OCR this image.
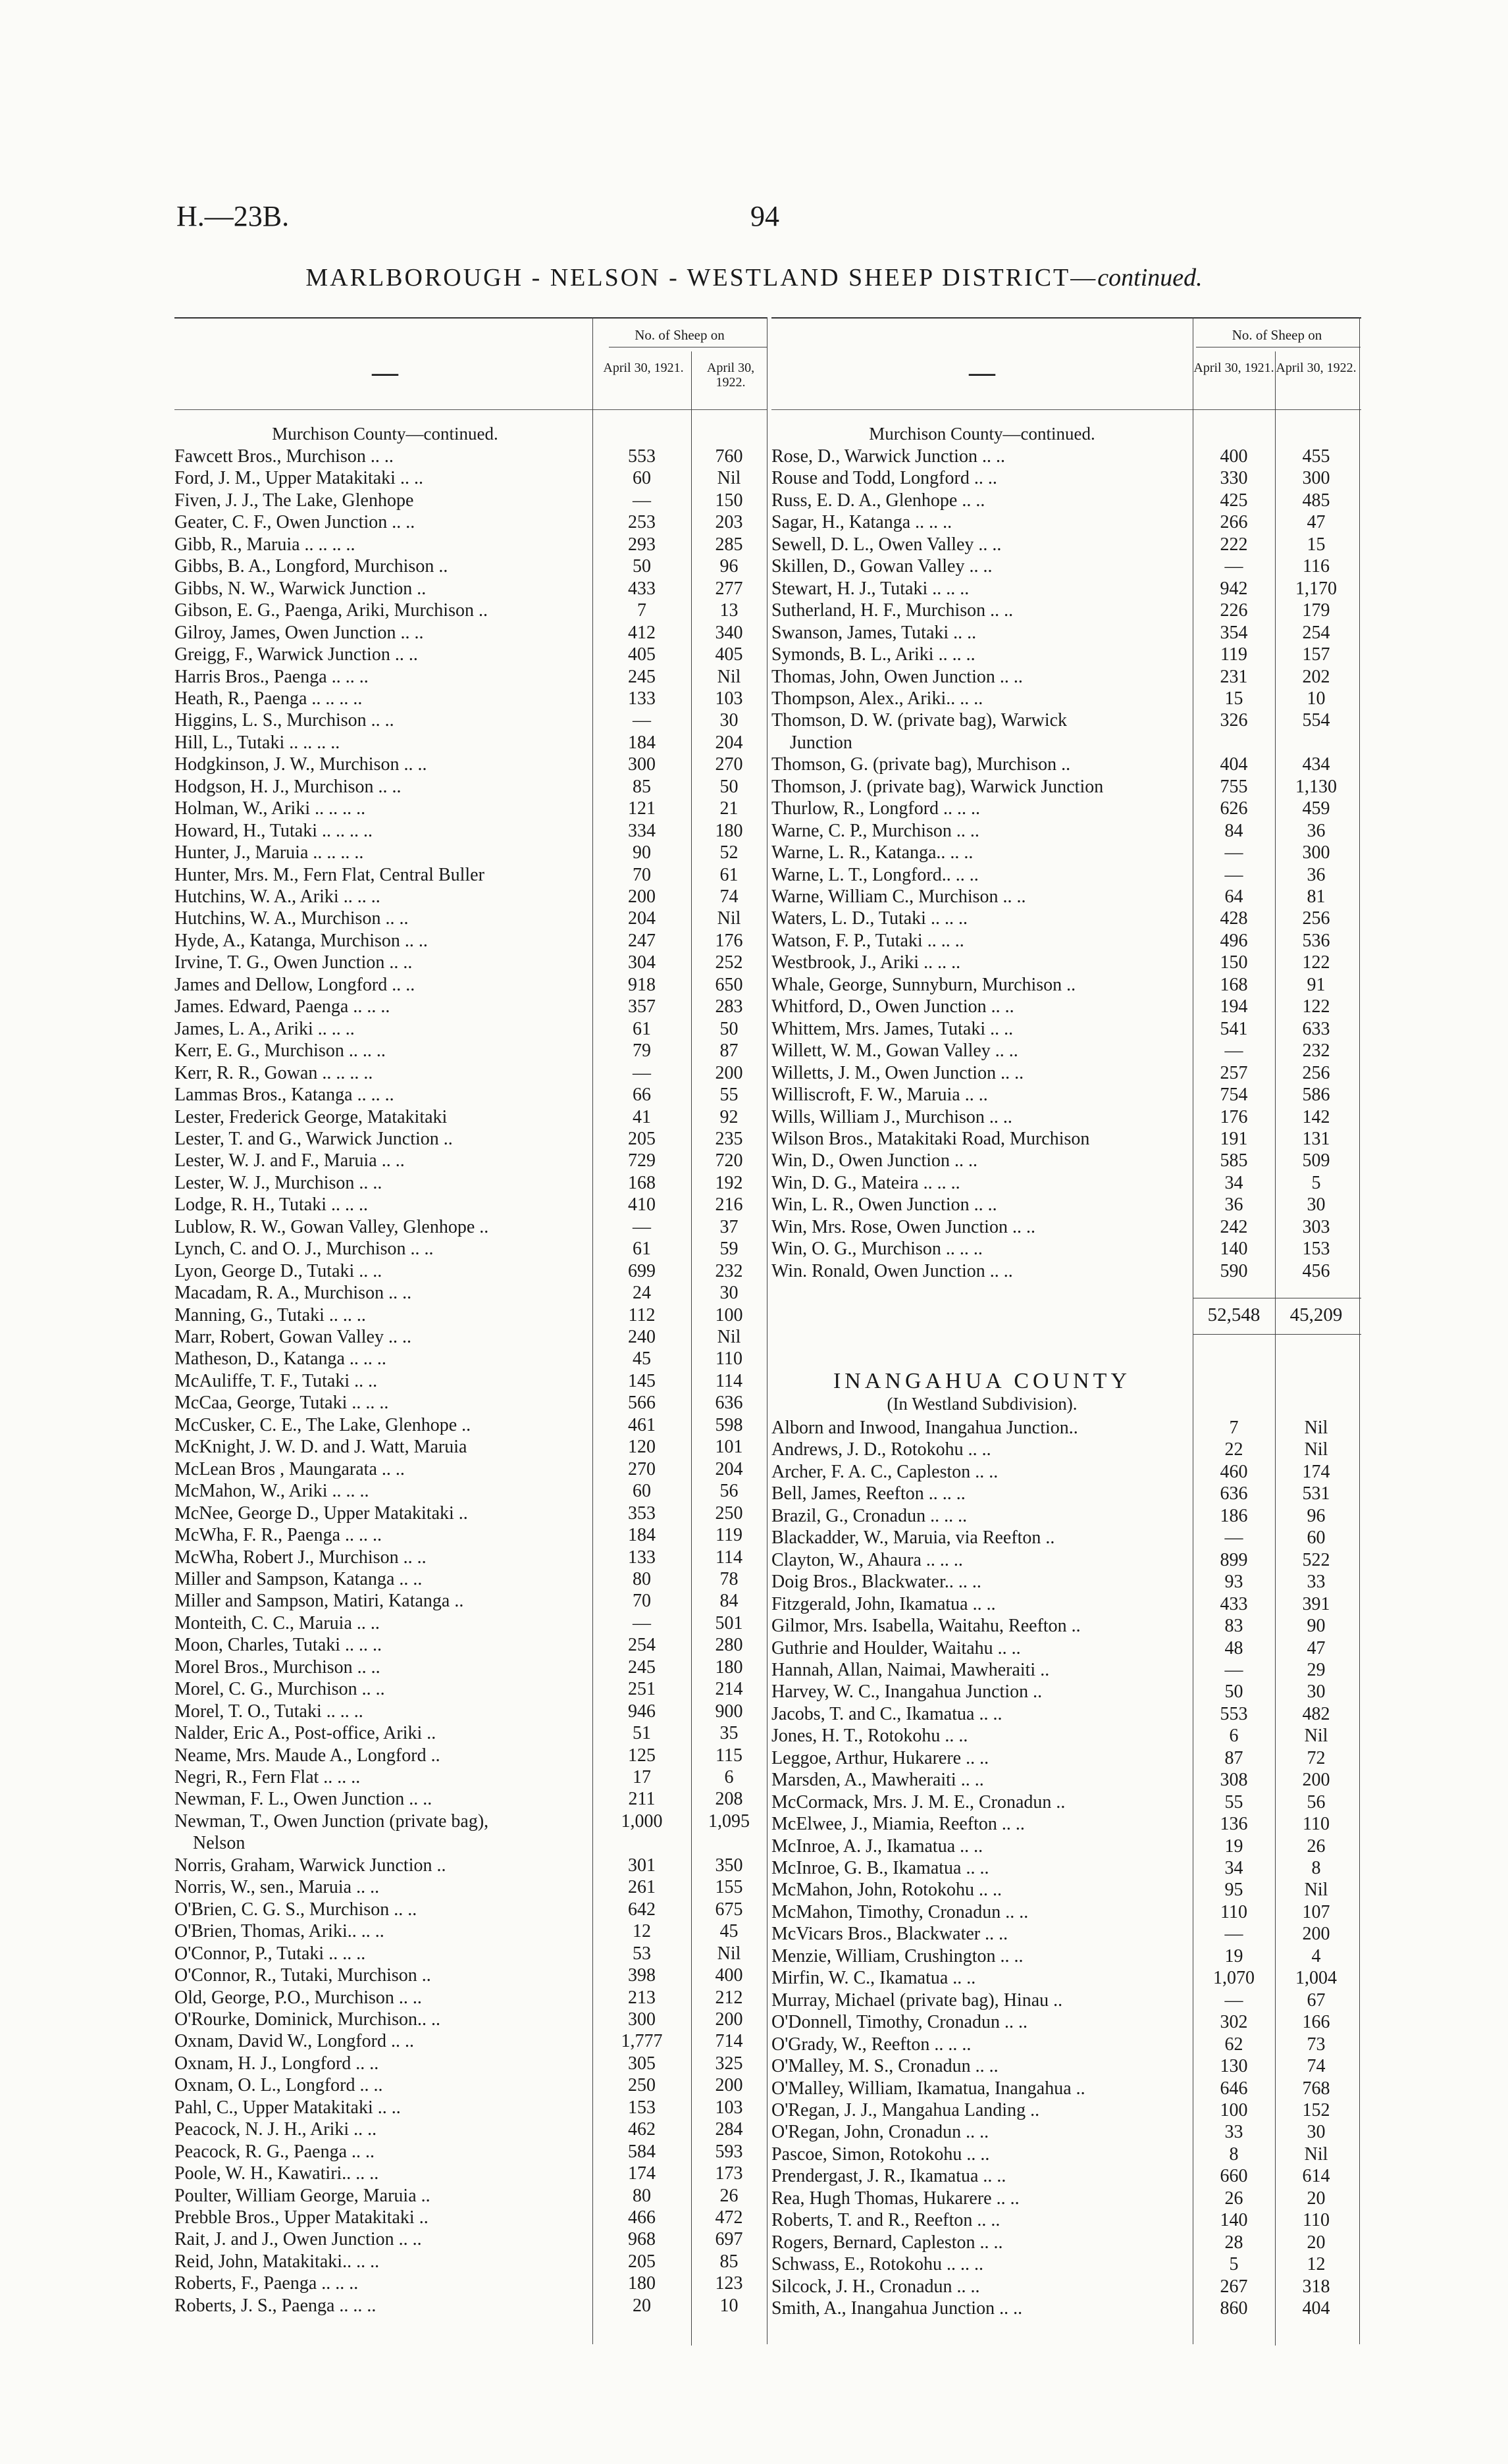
H.—23B.	94
MARLBOROUGH - NELSON - WESTLAND SHEEP DISTRICT—continued.
—
No. of Sheep on
April 30, 1921.	April 30, 1922.
Murchison County—continued.
Fawcett Bros., Murchison .. ..	553	760
Ford, J. M., Upper Matakitaki .. ..	60	Nil
Fiven, J. J., The Lake, Glenhope	—	150
Geater, C. F., Owen Junction .. ..	253	203
Gibb, R., Maruia .. .. .. ..	293	285
Gibbs, B. A., Longford, Murchison ..	50	96
Gibbs, N. W., Warwick Junction ..	433	277
Gibson, E. G., Paenga, Ariki, Murchison ..	7	13
Gilroy, James, Owen Junction .. ..	412	340
Greigg, F., Warwick Junction .. ..	405	405
Harris Bros., Paenga .. .. ..	245	Nil
Heath, R., Paenga .. .. .. ..	133	103
Higgins, L. S., Murchison .. ..	—	30
Hill, L., Tutaki .. .. .. ..	184	204
Hodgkinson, J. W., Murchison .. ..	300	270
Hodgson, H. J., Murchison .. ..	85	50
Holman, W., Ariki .. .. .. ..	121	21
Howard, H., Tutaki .. .. .. ..	334	180
Hunter, J., Maruia .. .. .. ..	90	52
Hunter, Mrs. M., Fern Flat, Central Buller	70	61
Hutchins, W. A., Ariki .. .. ..	200	74
Hutchins, W. A., Murchison .. ..	204	Nil
Hyde, A., Katanga, Murchison .. ..	247	176
Irvine, T. G., Owen Junction .. ..	304	252
James and Dellow, Longford .. ..	918	650
James. Edward, Paenga .. .. ..	357	283
James, L. A., Ariki .. .. ..	61	50
Kerr, E. G., Murchison .. .. ..	79	87
Kerr, R. R., Gowan .. .. .. ..	—	200
Lammas Bros., Katanga .. .. ..	66	55
Lester, Frederick George, Matakitaki	41	92
Lester, T. and G., Warwick Junction ..	205	235
Lester, W. J. and F., Maruia .. ..	729	720
Lester, W. J., Murchison .. ..	168	192
Lodge, R. H., Tutaki .. .. ..	410	216
Lublow, R. W., Gowan Valley, Glenhope ..	—	37
Lynch, C. and O. J., Murchison .. ..	61	59
Lyon, George D., Tutaki .. ..	699	232
Macadam, R. A., Murchison .. ..	24	30
Manning, G., Tutaki .. .. ..	112	100
Marr, Robert, Gowan Valley .. ..	240	Nil
Matheson, D., Katanga .. .. ..	45	110
McAuliffe, T. F., Tutaki .. ..	145	114
McCaa, George, Tutaki .. .. ..	566	636
McCusker, C. E., The Lake, Glenhope ..	461	598
McKnight, J. W. D. and J. Watt, Maruia	120	101
McLean Bros , Maungarata .. ..	270	204
McMahon, W., Ariki .. .. ..	60	56
McNee, George D., Upper Matakitaki ..	353	250
McWha, F. R., Paenga .. .. ..	184	119
McWha, Robert J., Murchison .. ..	133	114
Miller and Sampson, Katanga .. ..	80	78
Miller and Sampson, Matiri, Katanga ..	70	84
Monteith, C. C., Maruia .. ..	—	501
Moon, Charles, Tutaki .. .. ..	254	280
Morel Bros., Murchison .. ..	245	180
Morel, C. G., Murchison .. ..	251	214
Morel, T. O., Tutaki .. .. ..	946	900
Nalder, Eric A., Post-office, Ariki ..	51	35
Neame, Mrs. Maude A., Longford ..	125	115
Negri, R., Fern Flat .. .. ..	17	6
Newman, F. L., Owen Junction .. ..	211	208
Newman, T., Owen Junction (private bag),	1,000	1,095
Nelson
Norris, Graham, Warwick Junction ..	301	350
Norris, W., sen., Maruia .. ..	261	155
O'Brien, C. G. S., Murchison .. ..	642	675
O'Brien, Thomas, Ariki.. .. ..	12	45
O'Connor, P., Tutaki .. .. ..	53	Nil
O'Connor, R., Tutaki, Murchison ..	398	400
Old, George, P.O., Murchison .. ..	213	212
O'Rourke, Dominick, Murchison.. ..	300	200
Oxnam, David W., Longford .. ..	1,777	714
Oxnam, H. J., Longford .. ..	305	325
Oxnam, O. L., Longford .. ..	250	200
Pahl, C., Upper Matakitaki .. ..	153	103
Peacock, N. J. H., Ariki .. ..	462	284
Peacock, R. G., Paenga .. ..	584	593
Poole, W. H., Kawatiri.. .. ..	174	173
Poulter, William George, Maruia ..	80	26
Prebble Bros., Upper Matakitaki ..	466	472
Rait, J. and J., Owen Junction .. ..	968	697
Reid, John, Matakitaki.. .. ..	205	85
Roberts, F., Paenga .. .. ..	180	123
Roberts, J. S., Paenga .. .. ..	20	10
—
No. of Sheep on
April 30, 1921. April 30, 1922.
Murchison County—continued.
Rose, D., Warwick Junction .. ..	400	455
Rouse and Todd, Longford .. ..	330	300
Russ, E. D. A., Glenhope .. ..	425	485
Sagar, H., Katanga .. .. ..	266	47
Sewell, D. L., Owen Valley .. ..	222	15
Skillen, D., Gowan Valley .. ..	—	116
Stewart, H. J., Tutaki .. .. ..	942	1,170
Sutherland, H. F., Murchison .. ..	226	179
Swanson, James, Tutaki .. ..	354	254
Symonds, B. L., Ariki .. .. ..	119	157
Thomas, John, Owen Junction .. ..	231	202
Thompson, Alex., Ariki.. .. ..	15	10
Thomson, D. W. (private bag), Warwick	326	554
Junction
Thomson, G. (private bag), Murchison ..	404	434
Thomson, J. (private bag), Warwick Junction	755	1,130
Thurlow, R., Longford .. .. ..	626	459
Warne, C. P., Murchison .. ..	84	36
Warne, L. R., Katanga.. .. ..	—	300
Warne, L. T., Longford.. .. ..	—	36
Warne, William C., Murchison .. ..	64	81
Waters, L. D., Tutaki .. .. ..	428	256
Watson, F. P., Tutaki .. .. ..	496	536
Westbrook, J., Ariki .. .. ..	150	122
Whale, George, Sunnyburn, Murchison ..	168	91
Whitford, D., Owen Junction .. ..	194	122
Whittem, Mrs. James, Tutaki .. ..	541	633
Willett, W. M., Gowan Valley .. ..	—	232
Willetts, J. M., Owen Junction .. ..	257	256
Williscroft, F. W., Maruia .. ..	754	586
Wills, William J., Murchison .. ..	176	142
Wilson Bros., Matakitaki Road, Murchison	191	131
Win, D., Owen Junction .. ..	585	509
Win, D. G., Mateira .. .. ..	34	5
Win, L. R., Owen Junction .. ..	36	30
Win, Mrs. Rose, Owen Junction .. ..	242	303
Win, O. G., Murchison .. .. ..	140	153
Win. Ronald, Owen Junction .. ..	590	456
52,548	45,209
INANGAHUA COUNTY
(In Westland Subdivision).
Alborn and Inwood, Inangahua Junction..	7	Nil
Andrews, J. D., Rotokohu .. ..	22	Nil
Archer, F. A. C., Capleston .. ..	460	174
Bell, James, Reefton .. .. ..	636	531
Brazil, G., Cronadun .. .. ..	186	96
Blackadder, W., Maruia, via Reefton ..	—	60
Clayton, W., Ahaura .. .. ..	899	522
Doig Bros., Blackwater.. .. ..	93	33
Fitzgerald, John, Ikamatua .. ..	433	391
Gilmor, Mrs. Isabella, Waitahu, Reefton ..	83	90
Guthrie and Houlder, Waitahu .. ..	48	47
Hannah, Allan, Naimai, Mawheraiti ..	—	29
Harvey, W. C., Inangahua Junction ..	50	30
Jacobs, T. and C., Ikamatua .. ..	553	482
Jones, H. T., Rotokohu .. ..	6	Nil
Leggoe, Arthur, Hukarere .. ..	87	72
Marsden, A., Mawheraiti .. ..	308	200
McCormack, Mrs. J. M. E., Cronadun ..	55	56
McElwee, J., Miamia, Reefton .. ..	136	110
McInroe, A. J., Ikamatua .. ..	19	26
McInroe, G. B., Ikamatua .. ..	34	8
McMahon, John, Rotokohu .. ..	95	Nil
McMahon, Timothy, Cronadun .. ..	110	107
McVicars Bros., Blackwater .. ..	—	200
Menzie, William, Crushington .. ..	19	4
Mirfin, W. C., Ikamatua .. ..	1,070	1,004
Murray, Michael (private bag), Hinau ..	—	67
O'Donnell, Timothy, Cronadun .. ..	302	166
O'Grady, W., Reefton .. .. ..	62	73
O'Malley, M. S., Cronadun .. ..	130	74
O'Malley, William, Ikamatua, Inangahua ..	646	768
O'Regan, J. J., Mangahua Landing ..	100	152
O'Regan, John, Cronadun .. ..	33	30
Pascoe, Simon, Rotokohu .. ..	8	Nil
Prendergast, J. R., Ikamatua .. ..	660	614
Rea, Hugh Thomas, Hukarere .. ..	26	20
Roberts, T. and R., Reefton .. ..	140	110
Rogers, Bernard, Capleston .. ..	28	20
Schwass, E., Rotokohu .. .. ..	5	12
Silcock, J. H., Cronadun .. ..	267	318
Smith, A., Inangahua Junction .. ..	860	404
